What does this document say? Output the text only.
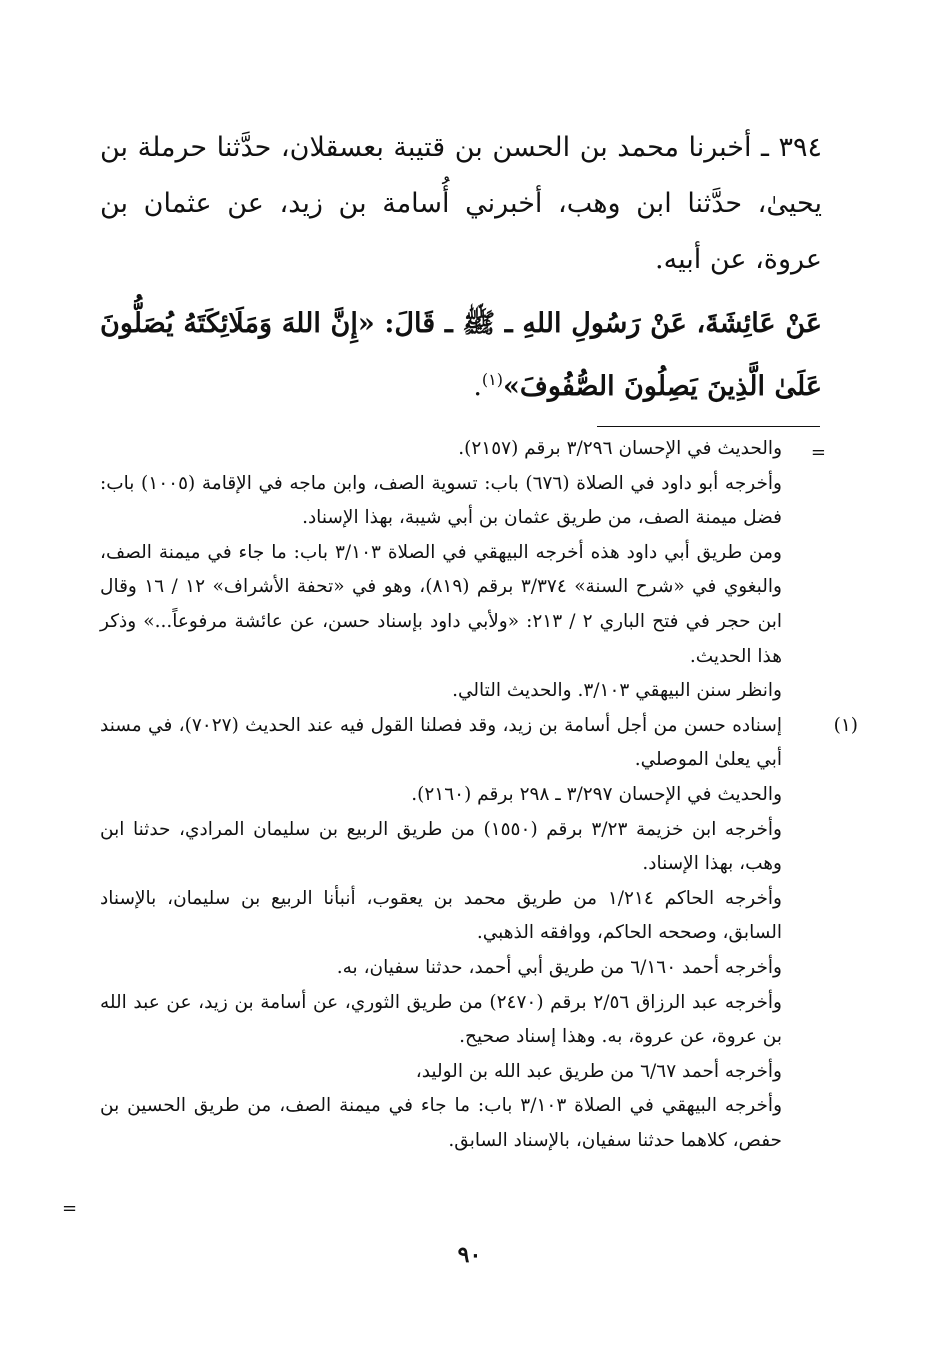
٣٩٤ ـ أخبرنا محمد بن الحسن بن قتيبة بعسقلان، حدَّثنا حرملة بن يحيىٰ، حدَّثنا ابن وهب، أخبرني أُسامة بن زيد، عن عثمان بن عروة، عن أبيه.

عَنْ عَائِشَةَ، عَنْ رَسُولِ اللهِ ـ ﷺ ـ قَالَ: «إِنَّ اللهَ وَمَلَائِكَتَهُ يُصَلُّونَ عَلَىٰ الَّذِينَ يَصِلُونَ الصُّفُوفَ»$^{(١)}$.

=

والحديث في الإحسان ٣/٢٩٦ برقم (٢١٥٧).

وأخرجه أبو داود في الصلاة (٦٧٦) باب: تسوية الصف، وابن ماجه في الإقامة (١٠٠٥) باب: فضل ميمنة الصف، من طريق عثمان بن أبي شيبة، بهذا الإسناد.

ومن طريق أبي داود هذه أخرجه البيهقي في الصلاة ٣/١٠٣ باب: ما جاء في ميمنة الصف، والبغوي في «شرح السنة» ٣/٣٧٤ برقم (٨١٩)، وهو في «تحفة الأشراف» ١٢ / ١٦ وقال ابن حجر في فتح الباري ٢ / ٢١٣: «ولأبي داود بإسناد حسن، عن عائشة مرفوعاً...» وذكر هذا الحديث.

وانظر سنن البيهقي ٣/١٠٣. والحديث التالي.

(١)إسناده حسن من أجل أسامة بن زيد، وقد فصلنا القول فيه عند الحديث (٧٠٢٧)، في مسند أبي يعلىٰ الموصلي.

والحديث في الإحسان ٣/٢٩٧ ـ ٢٩٨ برقم (٢١٦٠).

وأخرجه ابن خزيمة ٣/٢٣ برقم (١٥٥٠) من طريق الربيع بن سليمان المرادي، حدثنا ابن وهب، بهذا الإسناد.

وأخرجه الحاكم ١/٢١٤ من طريق محمد بن يعقوب، أنبأنا الربيع بن سليمان، بالإسناد السابق، وصححه الحاكم، ووافقه الذهبي.

وأخرجه أحمد ٦/١٦٠ من طريق أبي أحمد، حدثنا سفيان، به.

وأخرجه عبد الرزاق ٢/٥٦ برقم (٢٤٧٠) من طريق الثوري، عن أسامة بن زيد، عن عبد الله بن عروة، عن عروة، به. وهذا إسناد صحيح.

وأخرجه أحمد ٦/٦٧ من طريق عبد الله بن الوليد،

وأخرجه البيهقي في الصلاة ٣/١٠٣ باب: ما جاء في ميمنة الصف، من طريق الحسين بن حفص، كلاهما حدثنا سفيان، بالإسناد السابق.

=
٩٠
